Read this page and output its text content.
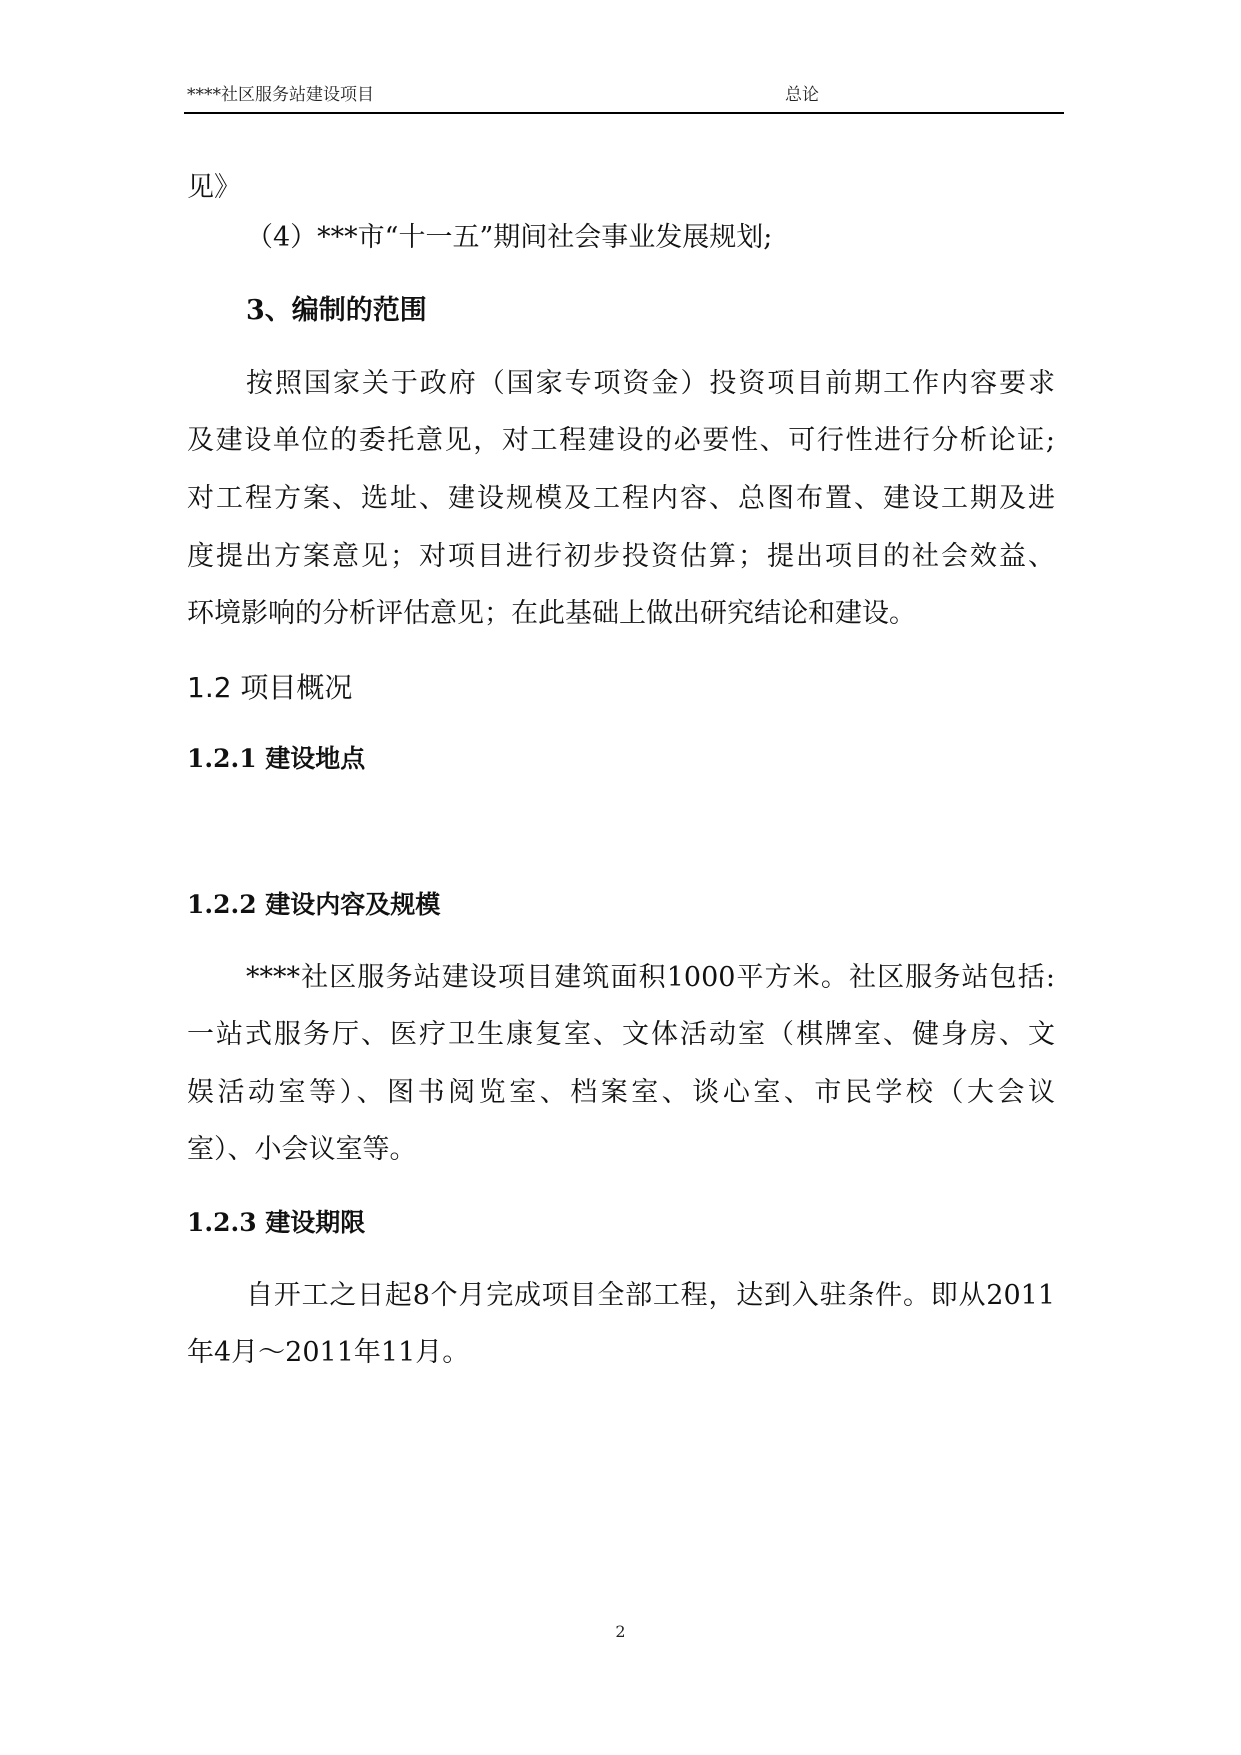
****社区服务站建设项目	总论
见》
（4）***市“十一五”期间社会事业发展规划;
3、编制的范围
按照国家关于政府（国家专项资金）投资项目前期工作内容要求
及建设单位的委托意见，对工程建设的必要性、可行性进行分析论证;
对工程方案、选址、建设规模及工程内容、总图布置、建设工期及进
度提出方案意见；对项目进行初步投资估算；提出项目的社会效益、
环境影响的分析评估意见；在此基础上做出研究结论和建设。
1.2 项目概况
1.2.1 建设地点
1.2.2 建设内容及规模
****社区服务站建设项目建筑面积1000平方米。社区服务站包括:
一站式服务厅、医疗卫生康复室、文体活动室（棋牌室、健身房、文
娱活动室等）、图书阅览室、档案室、谈心室、市民学校（大会议
室）、小会议室等。
1.2.3 建设期限
自开工之日起8个月完成项目全部工程，达到入驻条件。即从2011
年4月～2011年11月。
2
